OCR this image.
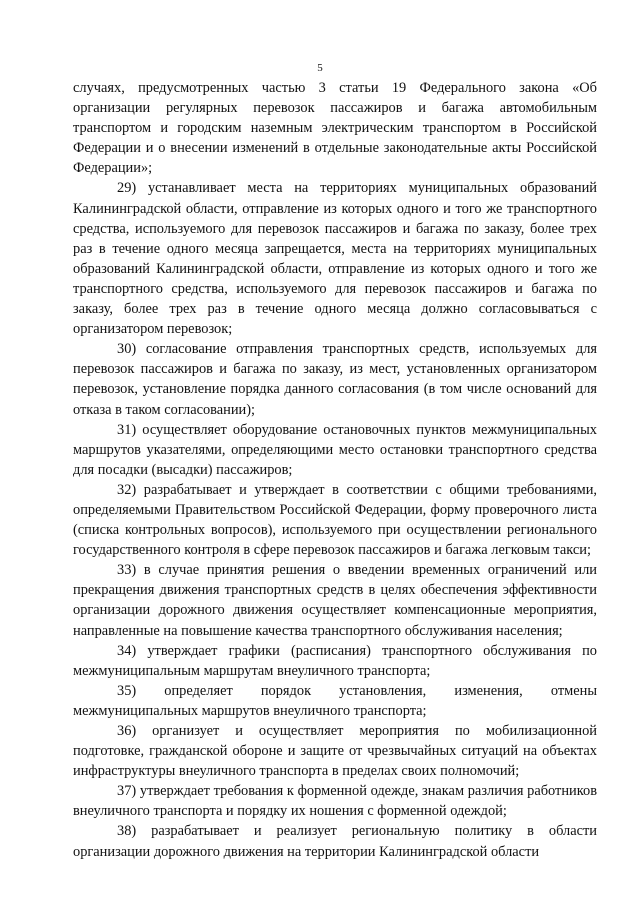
5

случаях, предусмотренных частью 3 статьи 19 Федерального закона «Об организации регулярных перевозок пассажиров и багажа автомобильным транспортом и городским наземным электрическим транспортом в Российской Федерации и о внесении изменений в отдельные законодательные акты Российской Федерации»;

29) устанавливает места на территориях муниципальных образований Калининградской области, отправление из которых одного и того же транспортного средства, используемого для перевозок пассажиров и багажа по заказу, более трех раз в течение одного месяца запрещается, места на территориях муниципальных образований Калининградской области, отправление из которых одного и того же транспортного средства, используемого для перевозок пассажиров и багажа по заказу, более трех раз в течение одного месяца должно согласовываться с организатором перевозок;

30) согласование отправления транспортных средств, используемых для перевозок пассажиров и багажа по заказу, из мест, установленных организатором перевозок, установление порядка данного согласования (в том числе оснований для отказа в таком согласовании);

31) осуществляет оборудование остановочных пунктов межмуниципальных маршрутов указателями, определяющими место остановки транспортного средства для посадки (высадки) пассажиров;

32) разрабатывает и утверждает в соответствии с общими требованиями, определяемыми Правительством Российской Федерации, форму проверочного листа (списка контрольных вопросов), используемого при осуществлении регионального государственного контроля в сфере перевозок пассажиров и багажа легковым такси;

33) в случае принятия решения о введении временных ограничений или прекращения движения транспортных средств в целях обеспечения эффективности организации дорожного движения осуществляет компенсационные мероприятия, направленные на повышение качества транспортного обслуживания населения;

34) утверждает графики (расписания) транспортного обслуживания по межмуниципальным маршрутам внеуличного транспорта;

35) определяет порядок установления, изменения, отмены межмуниципальных маршрутов внеуличного транспорта;

36) организует и осуществляет мероприятия по мобилизационной подготовке, гражданской обороне и защите от чрезвычайных ситуаций на объектах инфраструктуры внеуличного транспорта в пределах своих полномочий;

37) утверждает требования к форменной одежде, знакам различия работников внеуличного транспорта и порядку их ношения с форменной одеждой;

38) разрабатывает и реализует региональную политику в области организации дорожного движения на территории Калининградской области
